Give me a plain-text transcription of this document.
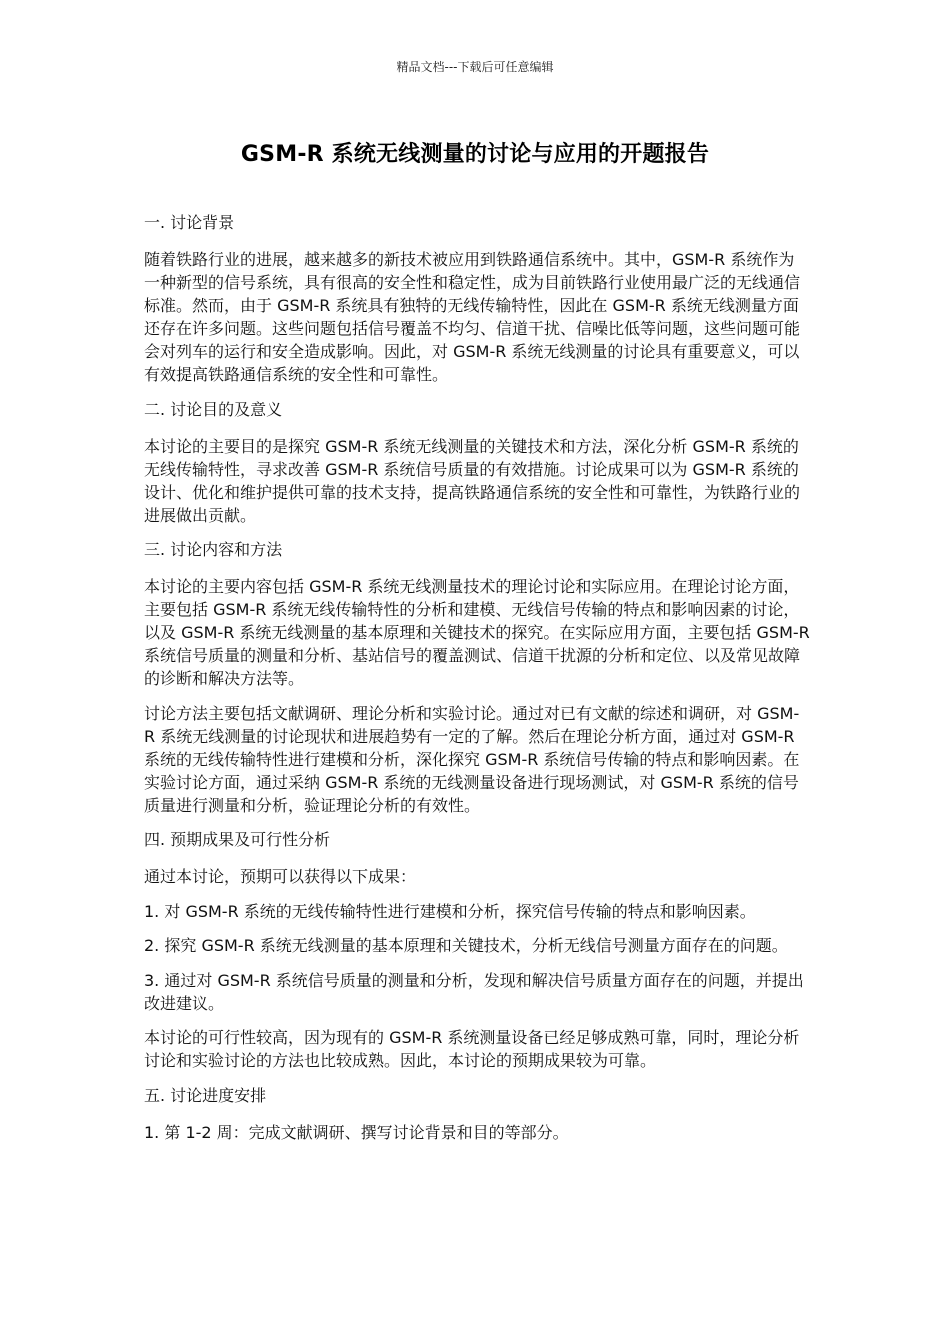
精品文档---下载后可任意编辑
GSM-R 系统无线测量的讨论与应用的开题报告

一. 讨论背景

随着铁路行业的进展，越来越多的新技术被应用到铁路通信系统中。其中，GSM-R 系统作为一种新型的信号系统，具有很高的安全性和稳定性，成为目前铁路行业使用最广泛的无线通信标准。然而，由于 GSM-R 系统具有独特的无线传输特性，因此在 GSM-R 系统无线测量方面还存在许多问题。这些问题包括信号覆盖不均匀、信道干扰、信噪比低等问题，这些问题可能会对列车的运行和安全造成影响。因此，对 GSM-R 系统无线测量的讨论具有重要意义，可以有效提高铁路通信系统的安全性和可靠性。

二. 讨论目的及意义

本讨论的主要目的是探究 GSM-R 系统无线测量的关键技术和方法，深化分析 GSM-R 系统的无线传输特性，寻求改善 GSM-R 系统信号质量的有效措施。讨论成果可以为 GSM-R 系统的设计、优化和维护提供可靠的技术支持，提高铁路通信系统的安全性和可靠性，为铁路行业的进展做出贡献。

三. 讨论内容和方法

本讨论的主要内容包括 GSM-R 系统无线测量技术的理论讨论和实际应用。在理论讨论方面，主要包括 GSM-R 系统无线传输特性的分析和建模、无线信号传输的特点和影响因素的讨论，以及 GSM-R 系统无线测量的基本原理和关键技术的探究。在实际应用方面，主要包括 GSM-R 系统信号质量的测量和分析、基站信号的覆盖测试、信道干扰源的分析和定位、以及常见故障的诊断和解决方法等。

讨论方法主要包括文献调研、理论分析和实验讨论。通过对已有文献的综述和调研，对 GSM-R 系统无线测量的讨论现状和进展趋势有一定的了解。然后在理论分析方面，通过对 GSM-R 系统的无线传输特性进行建模和分析，深化探究 GSM-R 系统信号传输的特点和影响因素。在实验讨论方面，通过采纳 GSM-R 系统的无线测量设备进行现场测试，对 GSM-R 系统的信号质量进行测量和分析，验证理论分析的有效性。

四. 预期成果及可行性分析

通过本讨论，预期可以获得以下成果：

1. 对 GSM-R 系统的无线传输特性进行建模和分析，探究信号传输的特点和影响因素。

2. 探究 GSM-R 系统无线测量的基本原理和关键技术，分析无线信号测量方面存在的问题。

3. 通过对 GSM-R 系统信号质量的测量和分析，发现和解决信号质量方面存在的问题，并提出改进建议。

本讨论的可行性较高，因为现有的 GSM-R 系统测量设备已经足够成熟可靠，同时，理论分析讨论和实验讨论的方法也比较成熟。因此，本讨论的预期成果较为可靠。

五. 讨论进度安排

1. 第 1-2 周：完成文献调研、撰写讨论背景和目的等部分。
